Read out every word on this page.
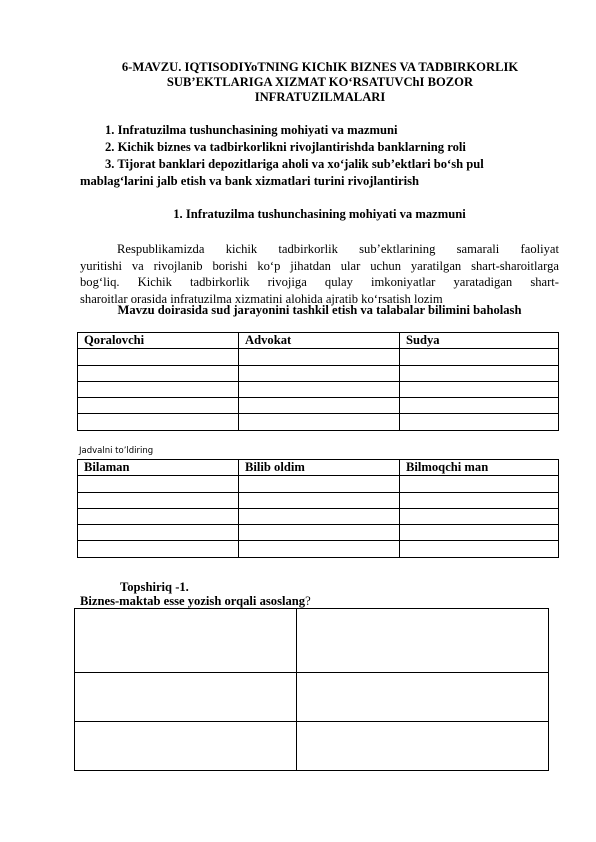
6-MAVZU. IQTISODIYoTNING KIChIK BIZNES VA TADBIRKORLIK
SUB’EKTLARIGA XIZMAT KO‘RSATUVChI BOZOR
INFRATUZILMALARI
1. Infratuzilma tushunchasining mohiyati va mazmuni
2. Kichik biznes va tadbirkorlikni rivojlantirishda banklarning roli
3. Tijorat banklari depozitlariga aholi va xo‘jalik sub’ektlari bo‘sh pul
mablag‘larini jalb etish va bank xizmatlari turini rivojlantirish
1. Infratuzilma tushunchasining mohiyati va mazmuni
Respublikamizda kichik tadbirkorlik sub’ektlarining samarali faoliyat
yuritishi va rivojlanib borishi ko‘p jihatdan ular uchun yaratilgan shart-sharoitlarga
bog‘liq. Kichik tadbirkorlik rivojiga qulay imkoniyatlar yaratadigan shart-
sharoitlar orasida infratuzilma xizmatini alohida ajratib ko‘rsatish lozim
Mavzu doirasida sud jarayonini tashkil etish va talabalar bilimini baholash
Qoralovchi	Advokat	Sudya

Jadvalni to’ldiring
Bilaman	Bilib oldim	Bilmoqchi man

Topshiriq -1.
Biznes-maktab esse yozish orqali asoslang?
